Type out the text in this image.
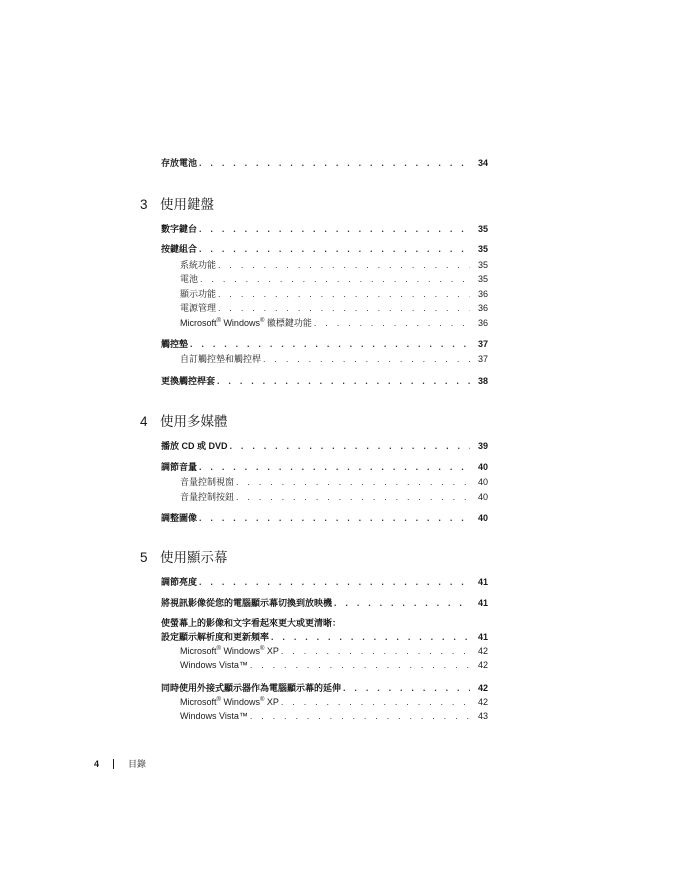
存放電池 . . .	34
3 使用鍵盤
數字鍵台 . . .	35
按鍵組合 . . .	35
系統功能 . . .	35
電池 . . .	35
顯示功能 . . .	36
電源管理 . . .	36
Microsoft® Windows® 徽標鍵功能 . . .	36
觸控墊 . . .	37
自訂觸控墊和觸控桿 . . .	37
更換觸控桿套 . . .	38
4 使用多媒體
播放 CD 或 DVD . . .	39
調節音量 . . .	40
音量控制視窗 . . .	40
音量控制按鈕 . . .	40
調整圖像 . . .	40
5 使用顯示幕
調節亮度 . . .	41
將視訊影像從您的電腦顯示幕切換到放映機 . . .	41
使螢幕上的影像和文字看起來更大或更清晰：
設定顯示解析度和更新頻率 . . .	41
Microsoft® Windows® XP . . .	42
Windows Vista™ . . .	42
同時使用外接式顯示器作為電腦顯示幕的延伸 . . .	42
Microsoft® Windows® XP . . .	42
Windows Vista™ . . .	43
4	目錄
